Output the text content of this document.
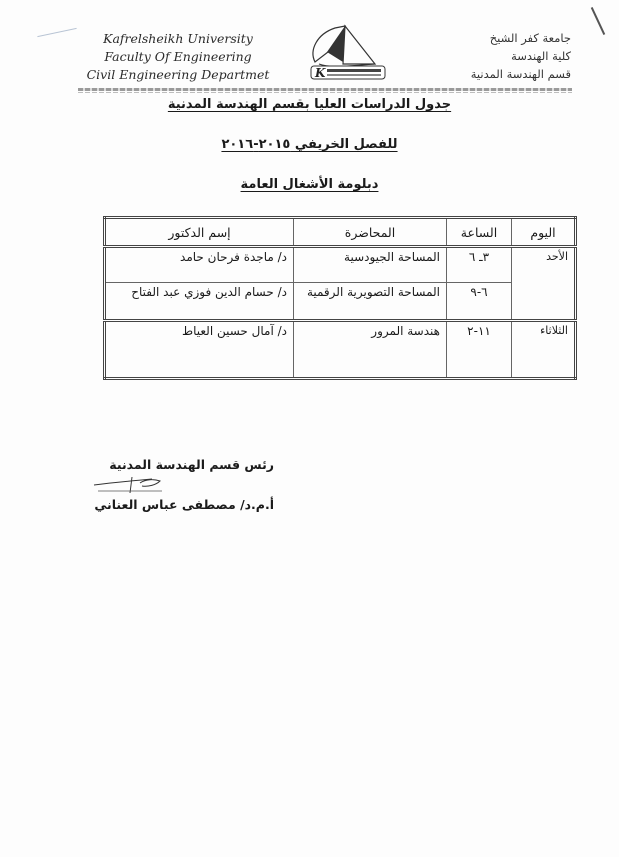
Kafrelsheikh University
Faculty Of Engineering
Civil Engineering Departmet	K
جامعة كفر الشيخ
كلية الهندسة
قسم الهندسة المدنية
جدول الدراسات العليا بقسم الهندسة المدنية
للفصل الخريفي ٢٠١٥-٢٠١٦
دبلومة الأشغال العامة
اليوم	الساعة	المحاضرة	إسم الدكتور
الأحد	٣ـ ٦	المساحة الجيودسية	د/ ماجدة فرحان حامد
	٦-٩	المساحة التصويرية الرقمية	د/ حسام الدين فوزي عبد الفتاح
الثلاثاء	١١-٢	هندسة المرور	د/ آمال حسين العياط
رئس قسم الهندسة المدنية
أ.م.د/ مصطفى عباس العناني
